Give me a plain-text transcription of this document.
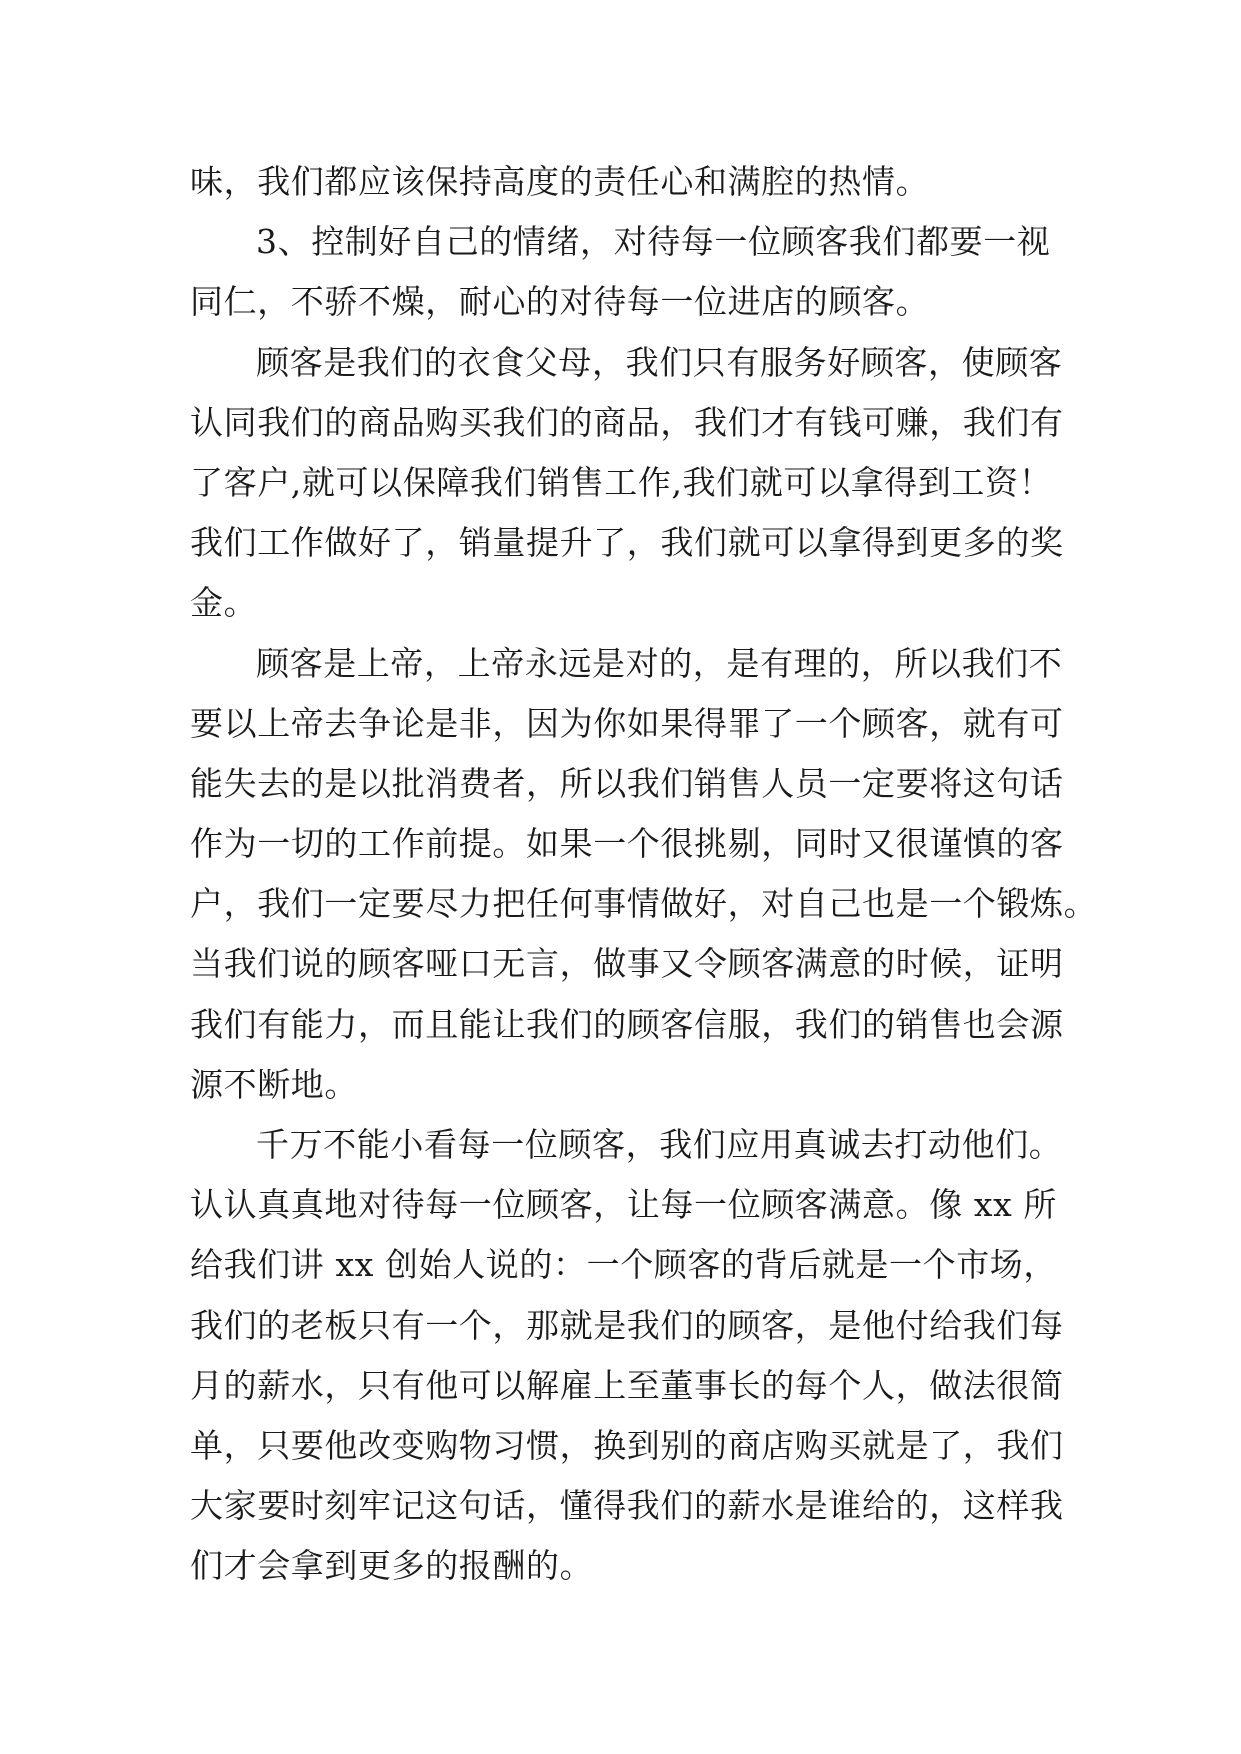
味，我们都应该保持高度的责任心和满腔的热情。
3、控制好自己的情绪，对待每一位顾客我们都要一视
同仁，不骄不燥，耐心的对待每一位进店的顾客。
顾客是我们的衣食父母，我们只有服务好顾客，使顾客
认同我们的商品购买我们的商品，我们才有钱可赚，我们有
了客户,就可以保障我们销售工作,我们就可以拿得到工资！
我们工作做好了，销量提升了，我们就可以拿得到更多的奖
金。
顾客是上帝，上帝永远是对的，是有理的，所以我们不
要以上帝去争论是非，因为你如果得罪了一个顾客，就有可
能失去的是以批消费者，所以我们销售人员一定要将这句话
作为一切的工作前提。如果一个很挑剔，同时又很谨慎的客
户，我们一定要尽力把任何事情做好，对自己也是一个锻炼。
当我们说的顾客哑口无言，做事又令顾客满意的时候，证明
我们有能力，而且能让我们的顾客信服，我们的销售也会源
源不断地。
千万不能小看每一位顾客，我们应用真诚去打动他们。
认认真真地对待每一位顾客，让每一位顾客满意。像 xx 所
给我们讲 xx 创始人说的：一个顾客的背后就是一个市场，
我们的老板只有一个，那就是我们的顾客，是他付给我们每
月的薪水，只有他可以解雇上至董事长的每个人，做法很简
单，只要他改变购物习惯，换到别的商店购买就是了，我们
大家要时刻牢记这句话，懂得我们的薪水是谁给的，这样我
们才会拿到更多的报酬的。
